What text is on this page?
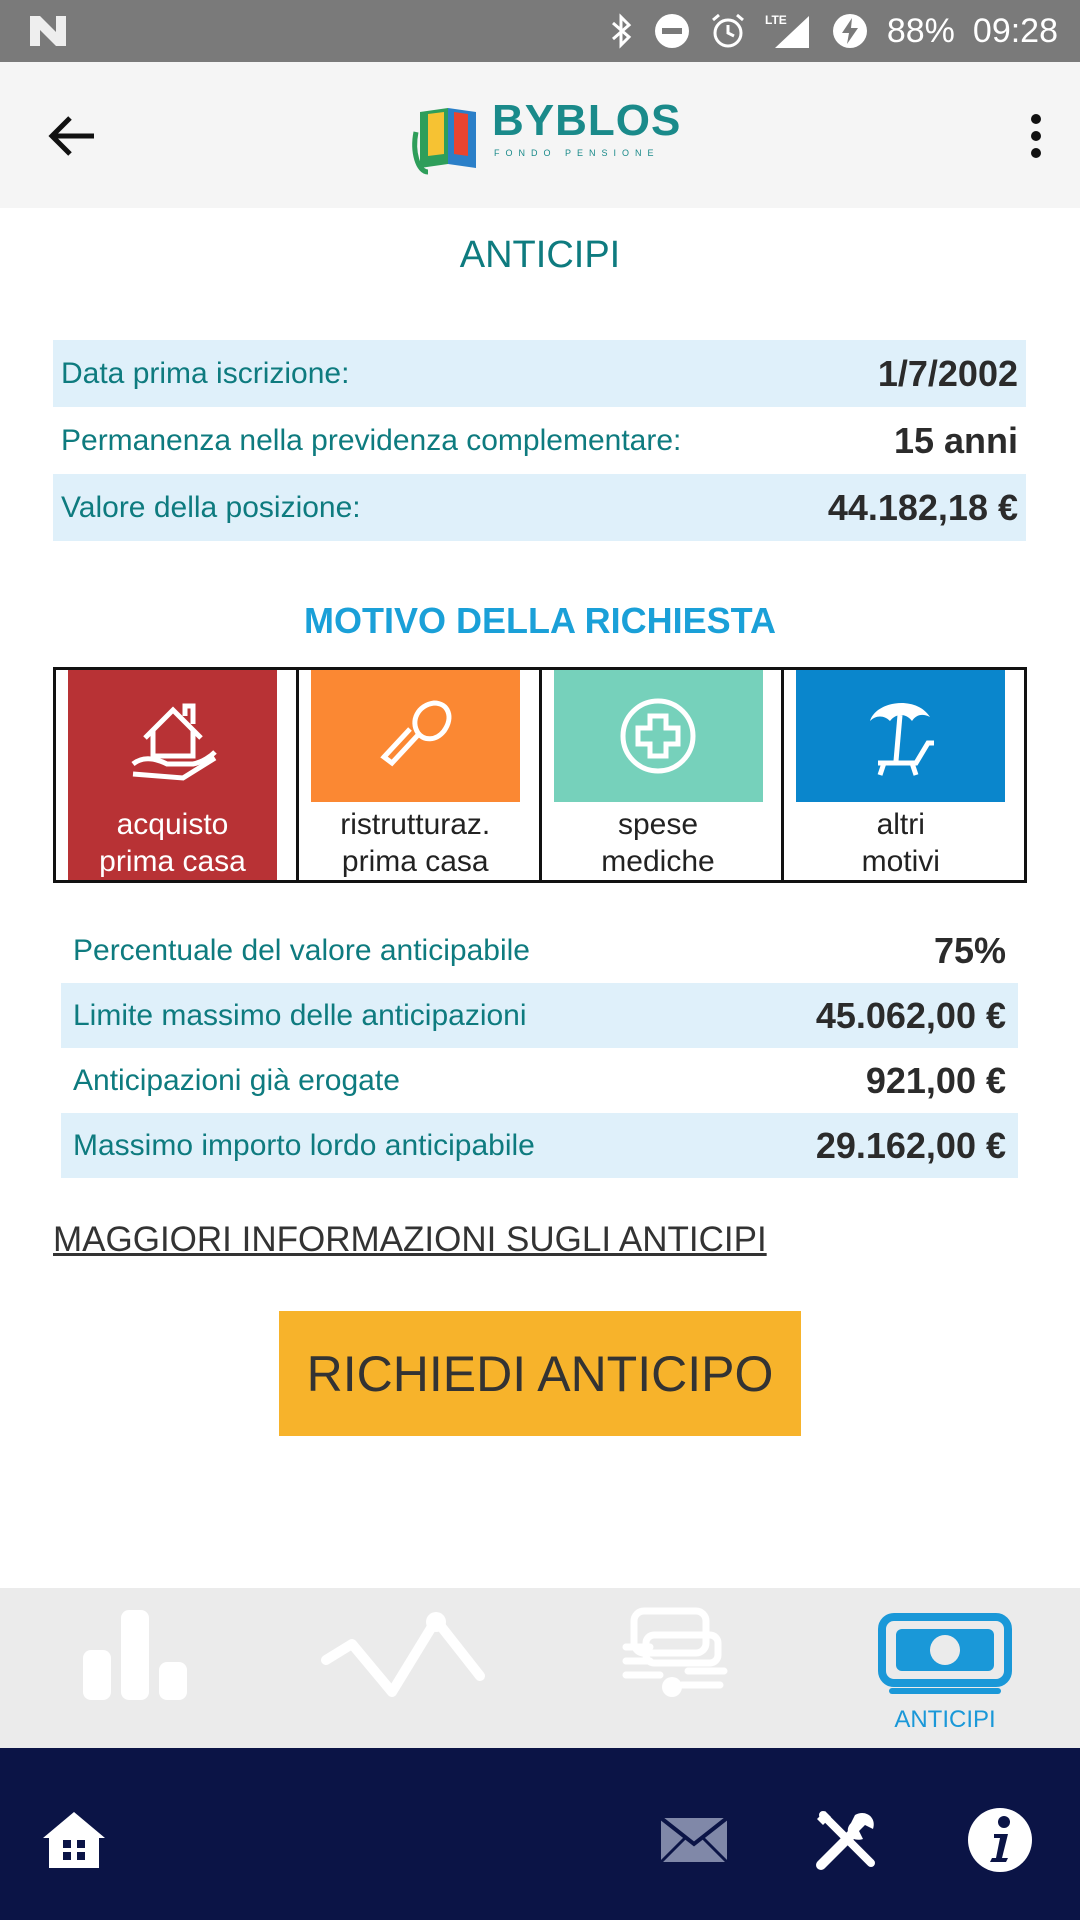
LTE	88% 09:28
BYBLOS
FONDO PENSIONE
ANTICIPI
Data prima iscrizione:	1/7/2002
Permanenza nella previdenza complementare:	15 anni
Valore della posizione:	44.182,18 €
MOTIVO DELLA RICHIESTA
acquisto
prima casa
ristrutturaz.
prima casa
spese
mediche
altri
motivi
Percentuale del valore anticipabile	75%
Limite massimo delle anticipazioni	45.062,00 €
Anticipazioni già erogate	921,00 €
Massimo importo lordo anticipabile	29.162,00 €
MAGGIORI INFORMAZIONI SUGLI ANTICIPI
RICHIEDI ANTICIPO
ANTICIPI
